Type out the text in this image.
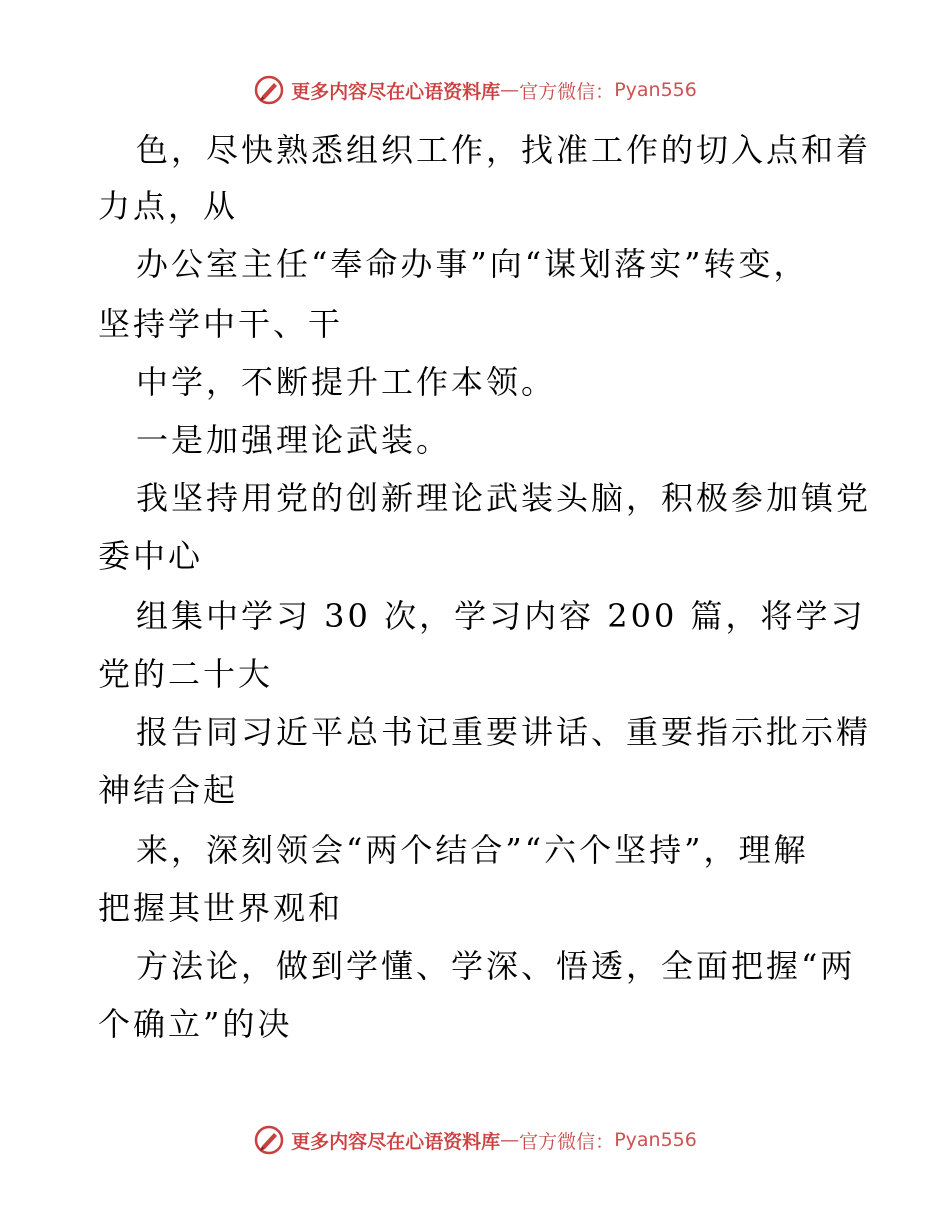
更多内容尽在心语资料库 — 官方微信： Pyan556
色，尽快熟悉组织工作，找准工作的切入点和着
力点，从
办公室主任“奉命办事”向“谋划落实”转变，
坚持学中干、干
中学，不断提升工作本领。
一是加强理论武装。
我坚持用党的创新理论武装头脑，积极参加镇党
委中心
组集中学习 30 次，学习内容 200 篇，将学习
党的二十大
报告同习近平总书记重要讲话、重要指示批示精
神结合起
来，深刻领会“两个结合”“六个坚持”，理解
把握其世界观和
方法论，做到学懂、学深、悟透，全面把握“两
个确立”的决
更多内容尽在心语资料库 — 官方微信： Pyan556
